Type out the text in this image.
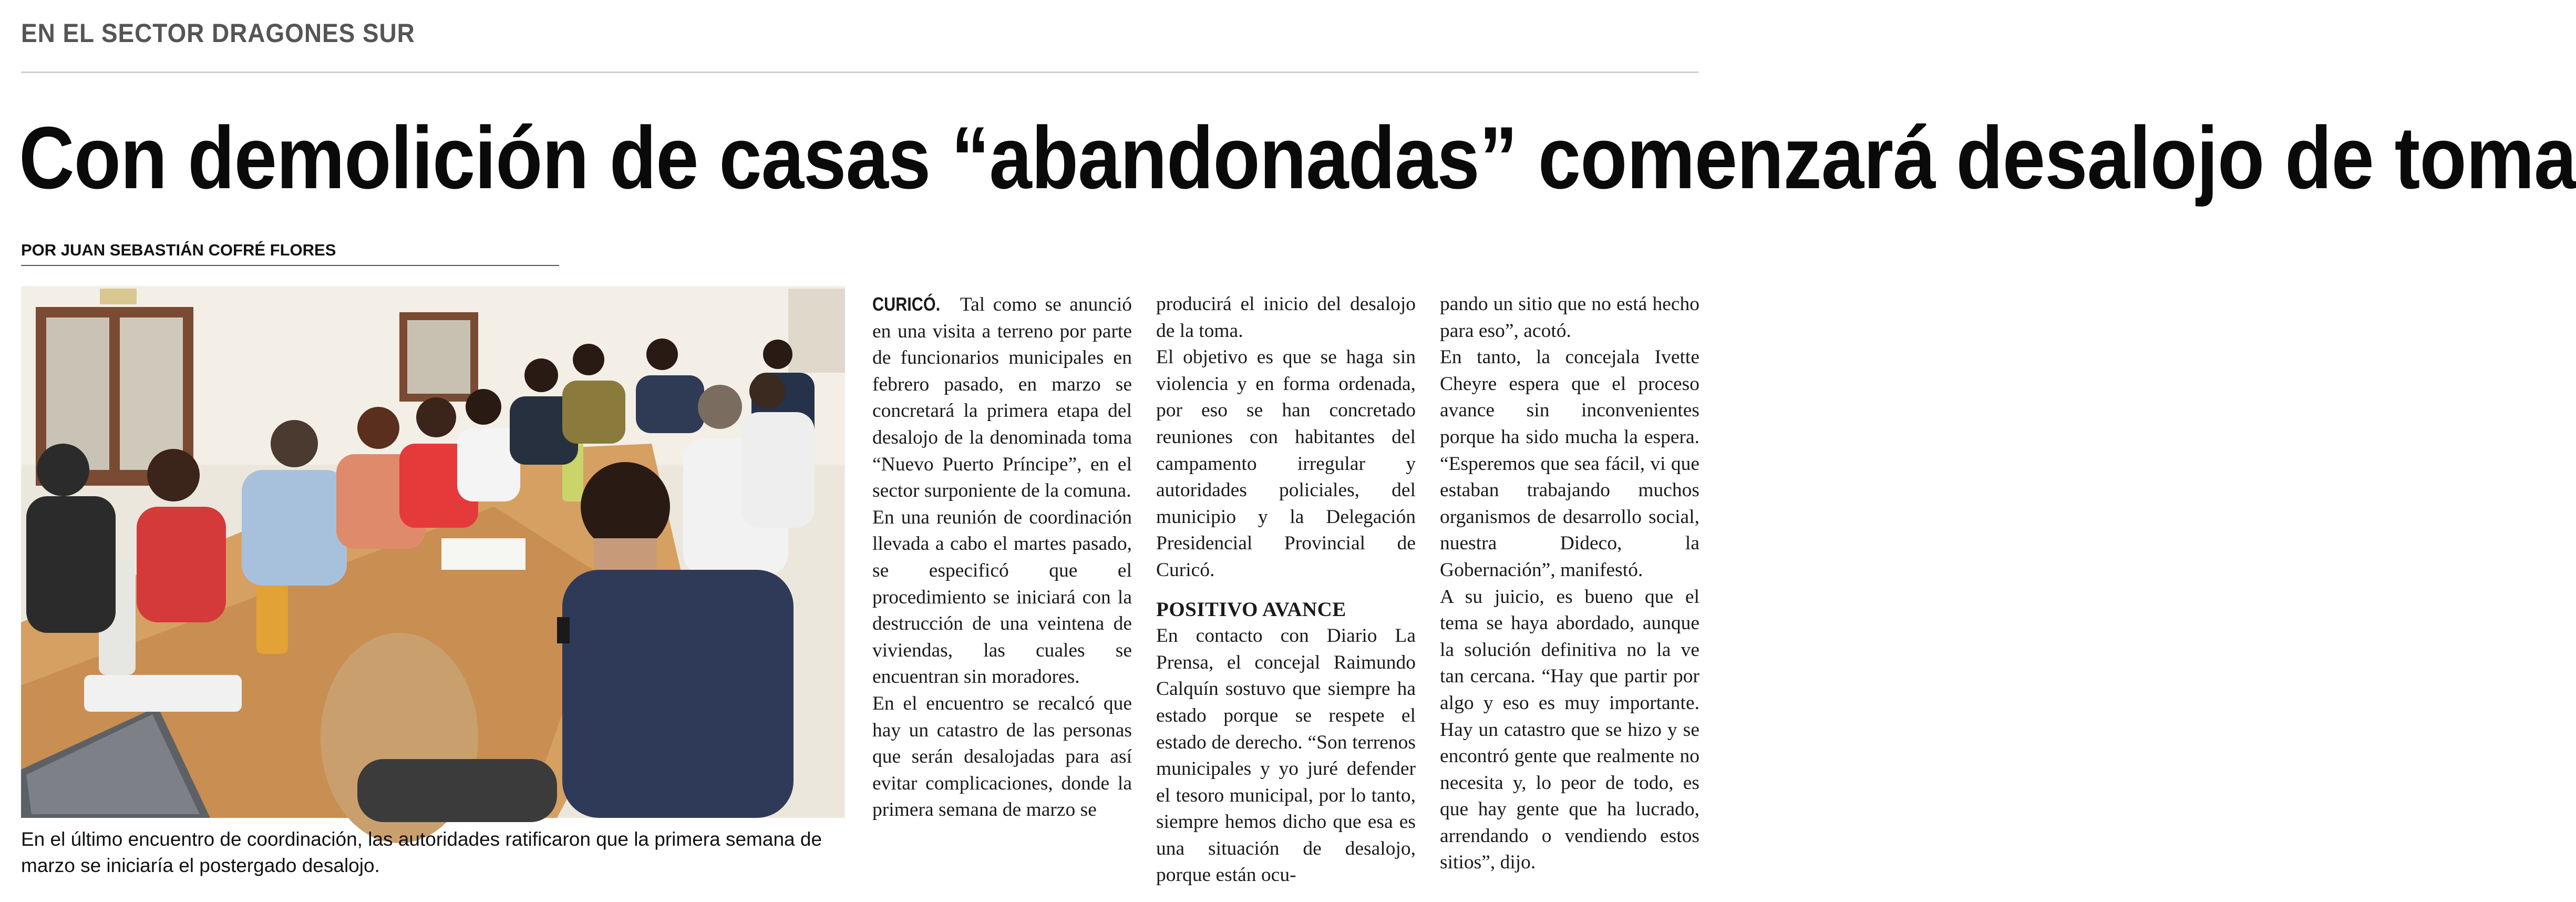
EN EL SECTOR DRAGONES SUR
Con demolición de casas “abandonadas” comenzará desalojo de toma
POR JUAN SEBASTIÁN COFRÉ FLORES
En el último encuentro de coordinación, las autoridades ratificaron que la primera semana de marzo se iniciaría el postergado desalojo.

CURICÓ. Tal como se anunció en una visita a terreno por parte de funcionarios municipales en febrero pasado, en marzo se concretará la primera etapa del desalojo de la denominada toma “Nuevo Puerto Príncipe”, en el sector surponiente de la comuna.

En una reunión de coordinación llevada a cabo el martes pasado, se especificó que el procedimiento se iniciará con la destrucción de una veintena de viviendas, las cuales se encuentran sin moradores.

En el encuentro se recalcó que hay un catastro de las personas que serán desalojadas para así evitar complicaciones, donde la primera semana de marzo se

producirá el inicio del desalojo de la toma.

El objetivo es que se haga sin violencia y en forma ordenada, por eso se han concretado reuniones con habitantes del campamento irregular y autoridades policiales, del municipio y la Delegación Presidencial Provincial de Curicó.

POSITIVO AVANCE

En contacto con Diario La Prensa, el concejal Raimundo Calquín sostuvo que siempre ha estado porque se respete el estado de derecho. “Son terrenos municipales y yo juré defender el tesoro municipal, por lo tanto, siempre hemos dicho que esa es una situación de desalojo, porque están ocu-

pando un sitio que no está hecho para eso”, acotó.

En tanto, la concejala Ivette Cheyre espera que el proceso avance sin inconvenientes porque ha sido mucha la espera. “Esperemos que sea fácil, vi que estaban trabajando muchos organismos de desarrollo social, nuestra Dideco, la Gobernación”, manifestó.

A su juicio, es bueno que el tema se haya abordado, aunque la solución definitiva no la ve tan cercana. “Hay que partir por algo y eso es muy importante. Hay un catastro que se hizo y se encontró gente que realmente no necesita y, lo peor de todo, es que hay gente que ha lucrado, arrendando o vendiendo estos sitios”, dijo.
